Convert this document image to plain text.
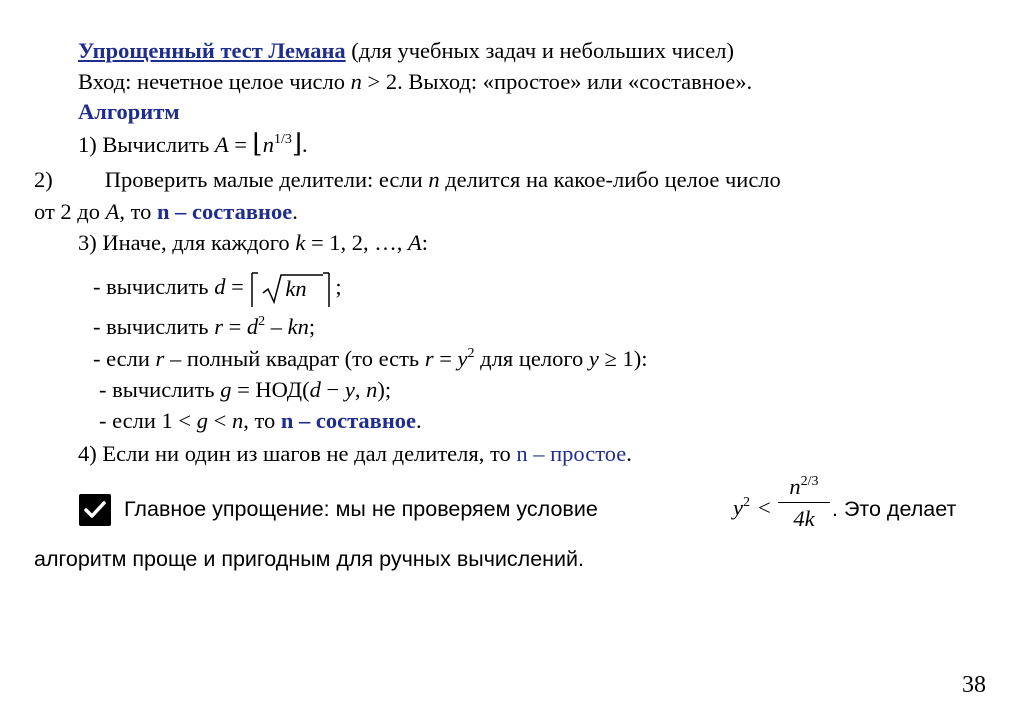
Упрощенный тест Лемана (для учебных задач и небольших чисел)
Вход: нечетное целое число n > 2. Выход: «простое» или «составное».
Алгоритм
1) Вычислить $A = ⌊n^{1/3}⌋$.
2) Проверить малые делители: если n делится на какое-либо целое число
от 2 до A, то n – составное.
3) Иначе, для каждого k = 1, 2, …, A:
- вычислить d = kn ;
- вычислить $r = d^2$ – kn;
- если r – полный квадрат (то есть $r = y^2$ для целого y ≥ 1):
- вычислить g = НОД(d − y, n);
- если 1 < g < n, то n – составное.
4) Если ни один из шагов не дал делителя, то n – простое.
Главное упрощение: мы не проверяем условие	$y^2 < \frac{n^{2/3}}{4k}$ . Это делает
алгоритм проще и пригодным для ручных вычислений.
38
